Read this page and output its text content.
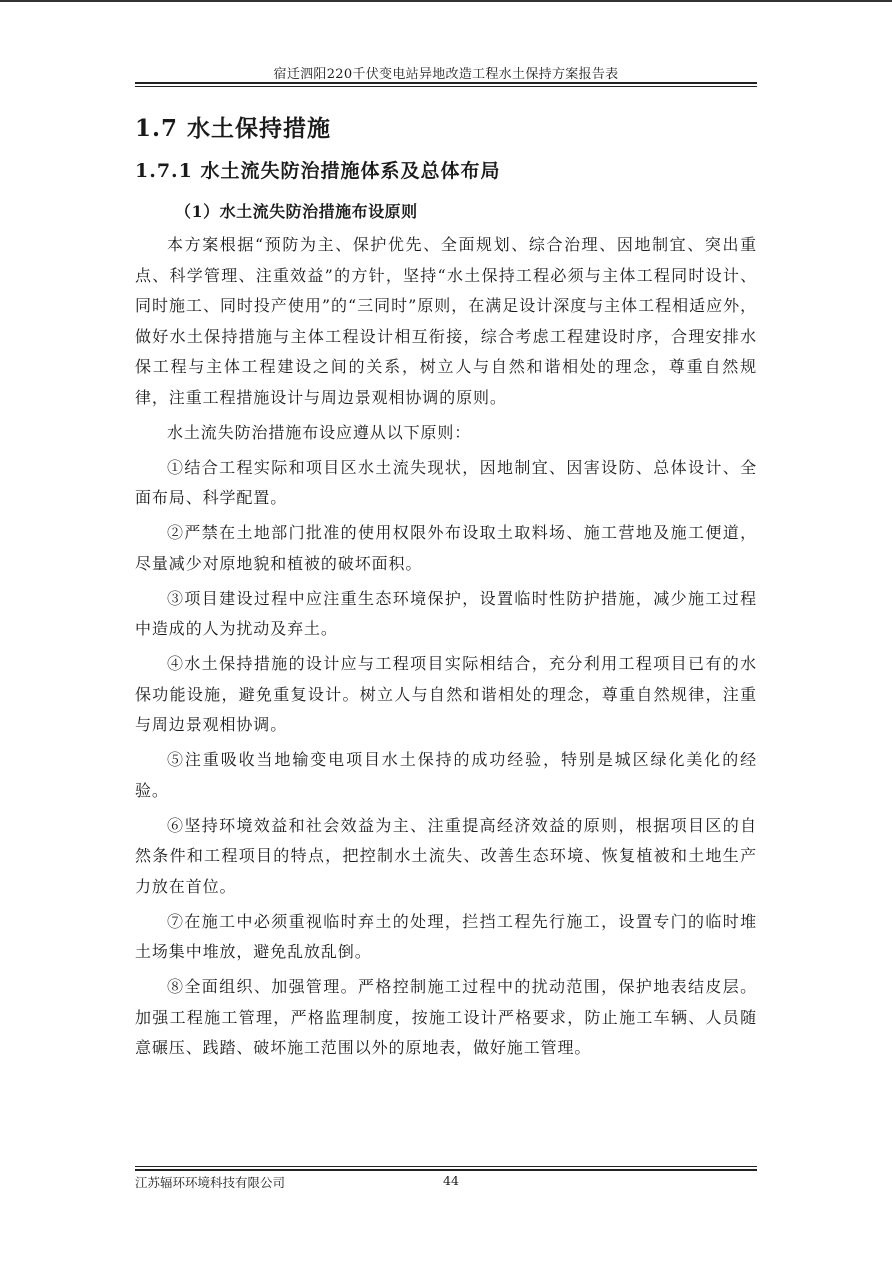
宿迁泗阳220千伏变电站异地改造工程水土保持方案报告表
1.7 水土保持措施
1.7.1 水土流失防治措施体系及总体布局
（1）水土流失防治措施布设原则

本方案根据“预防为主、保护优先、全面规划、综合治理、因地制宜、突出重点、科学管理、注重效益”的方针，坚持“水土保持工程必须与主体工程同时设计、同时施工、同时投产使用”的“三同时”原则，在满足设计深度与主体工程相适应外，做好水土保持措施与主体工程设计相互衔接，综合考虑工程建设时序，合理安排水保工程与主体工程建设之间的关系，树立人与自然和谐相处的理念，尊重自然规律，注重工程措施设计与周边景观相协调的原则。

水土流失防治措施布设应遵从以下原则：

①结合工程实际和项目区水土流失现状，因地制宜、因害设防、总体设计、全面布局、科学配置。

②严禁在土地部门批准的使用权限外布设取土取料场、施工营地及施工便道，尽量减少对原地貌和植被的破坏面积。

③项目建设过程中应注重生态环境保护，设置临时性防护措施，减少施工过程中造成的人为扰动及弃土。

④水土保持措施的设计应与工程项目实际相结合，充分利用工程项目已有的水保功能设施，避免重复设计。树立人与自然和谐相处的理念，尊重自然规律，注重与周边景观相协调。

⑤注重吸收当地输变电项目水土保持的成功经验，特别是城区绿化美化的经验。

⑥坚持环境效益和社会效益为主、注重提高经济效益的原则，根据项目区的自然条件和工程项目的特点，把控制水土流失、改善生态环境、恢复植被和土地生产力放在首位。

⑦在施工中必须重视临时弃土的处理，拦挡工程先行施工，设置专门的临时堆土场集中堆放，避免乱放乱倒。

⑧全面组织、加强管理。严格控制施工过程中的扰动范围，保护地表结皮层。加强工程施工管理，严格监理制度，按施工设计严格要求，防止施工车辆、人员随意碾压、践踏、破坏施工范围以外的原地表，做好施工管理。

江苏辐环环境科技有限公司	44
